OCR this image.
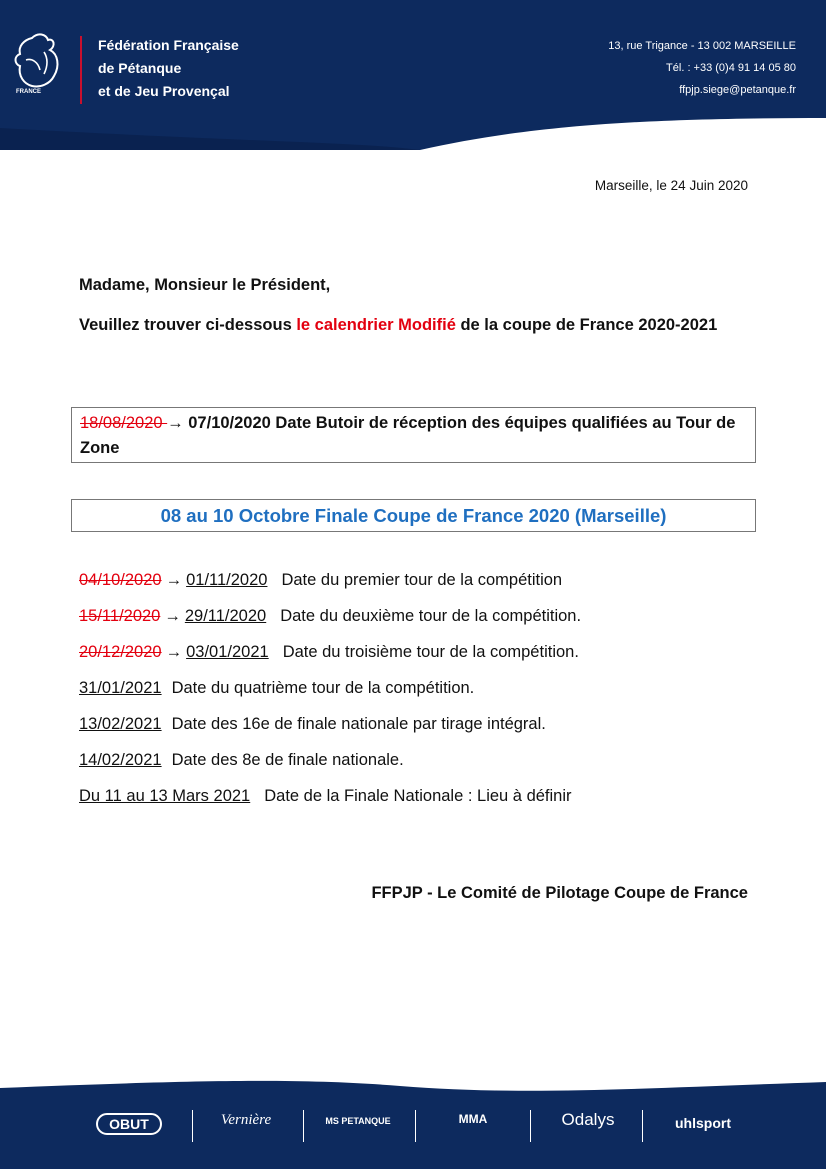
FRANCE
Fédération Française
de Pétanque
et de Jeu Provençal
13, rue Trigance - 13 002 MARSEILLE
Tél. : +33 (0)4 91 14 05 80
ffpjp.siege@petanque.fr
Marseille, le 24 Juin 2020
Madame, Monsieur le Président,
Veuillez trouver ci-dessous le calendrier Modifié de la coupe de France 2020-2021
18/08/2020 → 07/10/2020 Date Butoir de réception des équipes qualifiées au Tour de Zone
08 au 10 Octobre Finale Coupe de France 2020 (Marseille)
04/10/2020 → 01/11/2020 Date du premier tour de la compétition
15/11/2020 → 29/11/2020 Date du deuxième tour de la compétition.
20/12/2020 → 03/01/2021 Date du troisième tour de la compétition.
31/01/2021 Date du quatrième tour de la compétition.
13/02/2021 Date des 16e de finale nationale par tirage intégral.
14/02/2021 Date des 8e de finale nationale.
Du 11 au 13 Mars 2021 Date de la Finale Nationale : Lieu à définir
FFPJP - Le Comité de Pilotage Coupe de France
OBUT	Vernière	MS PETANQUE	MMA	Odalys	uhlsport
